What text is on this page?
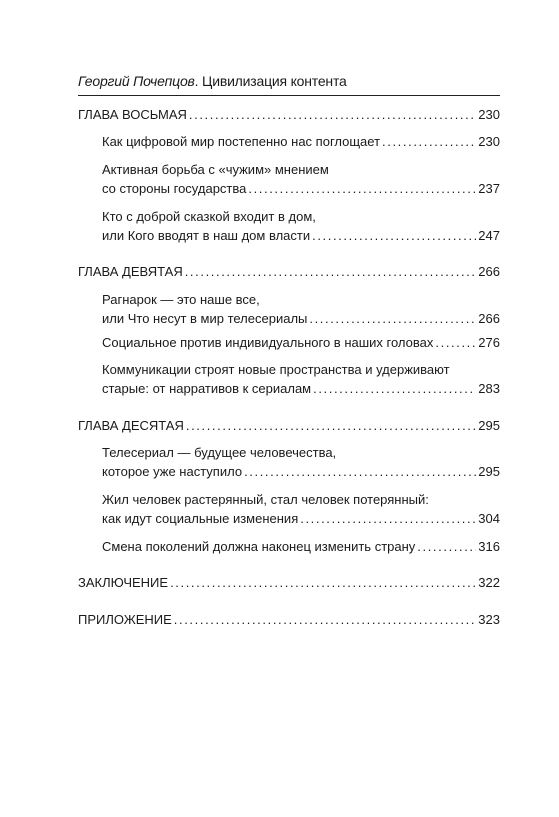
Георгий Почепцов. Цивилизация контента
ГЛАВА ВОСЬМАЯ .....	230
Как цифровой мир постепенно нас поглощает .....	230
Активная борьба с «чужим» мнением
со стороны государства .....	237
Кто с доброй сказкой входит в дом,
или Кого вводят в наш дом власти .....	247
ГЛАВА ДЕВЯТАЯ .....	266
Рагнарок — это наше все,
или Что несут в мир телесериалы .....	266
Социальное против индивидуального в наших головах .....	276
Коммуникации строят новые пространства и удерживают
старые: от нарративов к сериалам .....	283
ГЛАВА ДЕСЯТАЯ .....	295
Телесериал — будущее человечества,
которое уже наступило .....	295
Жил человек растерянный, стал человек потерянный:
как идут социальные изменения .....	304
Смена поколений должна наконец изменить страну .....	316
ЗАКЛЮЧЕНИЕ .....	322
ПРИЛОЖЕНИЕ .....	323
